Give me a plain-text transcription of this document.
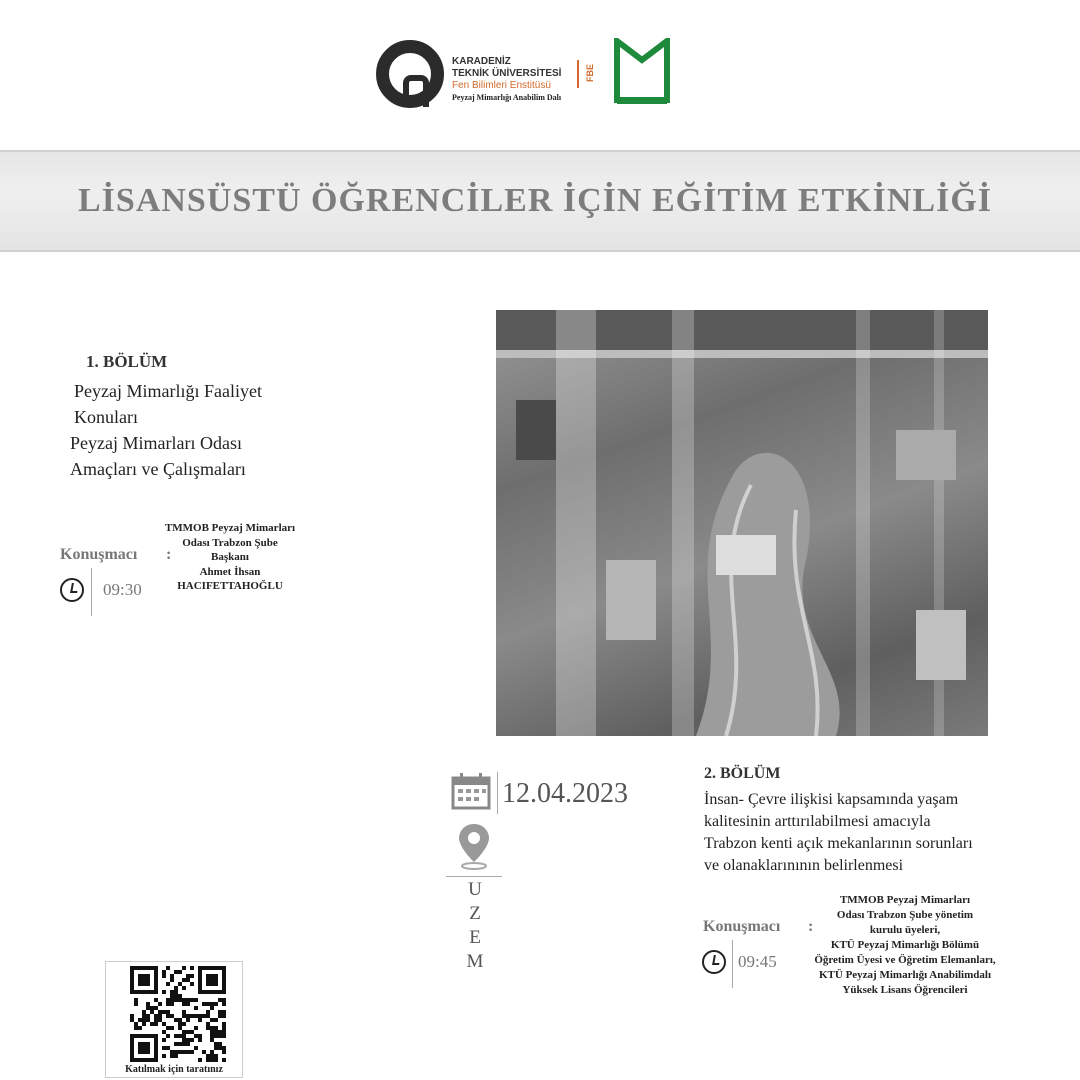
KARADENİZ
TEKNİK ÜNİVERSİTESİ
Fen Bilimleri Enstitüsü
Peyzaj Mimarlığı Anabilim Dalı
FBE
LİSANSÜSTÜ ÖĞRENCİLER İÇİN EĞİTİM ETKİNLİĞİ
1. BÖLÜM
Peyzaj Mimarlığı Faaliyet
Konuları
Peyzaj Mimarları Odası
Amaçları ve Çalışmaları
Konuşmacı :
09:30
TMMOB Peyzaj Mimarları
Odası Trabzon Şube
Başkanı
Ahmet İhsan
HACIFETTAHOĞLU
12.04.2023
U
Z
E
M
2. BÖLÜM
İnsan- Çevre ilişkisi kapsamında yaşam
kalitesinin arttırılabilmesi amacıyla
Trabzon kenti açık mekanlarının sorunları
ve olanaklarınının belirlenmesi
Konuşmacı :
09:45
TMMOB Peyzaj Mimarları
Odası Trabzon Şube yönetim
kurulu üyeleri,
KTÜ Peyzaj Mimarlığı Bölümü
Öğretim Üyesi ve Öğretim Elemanları,
KTÜ Peyzaj Mimarlığı Anabilimdalı
Yüksek Lisans Öğrencileri
Katılmak için taratınız
